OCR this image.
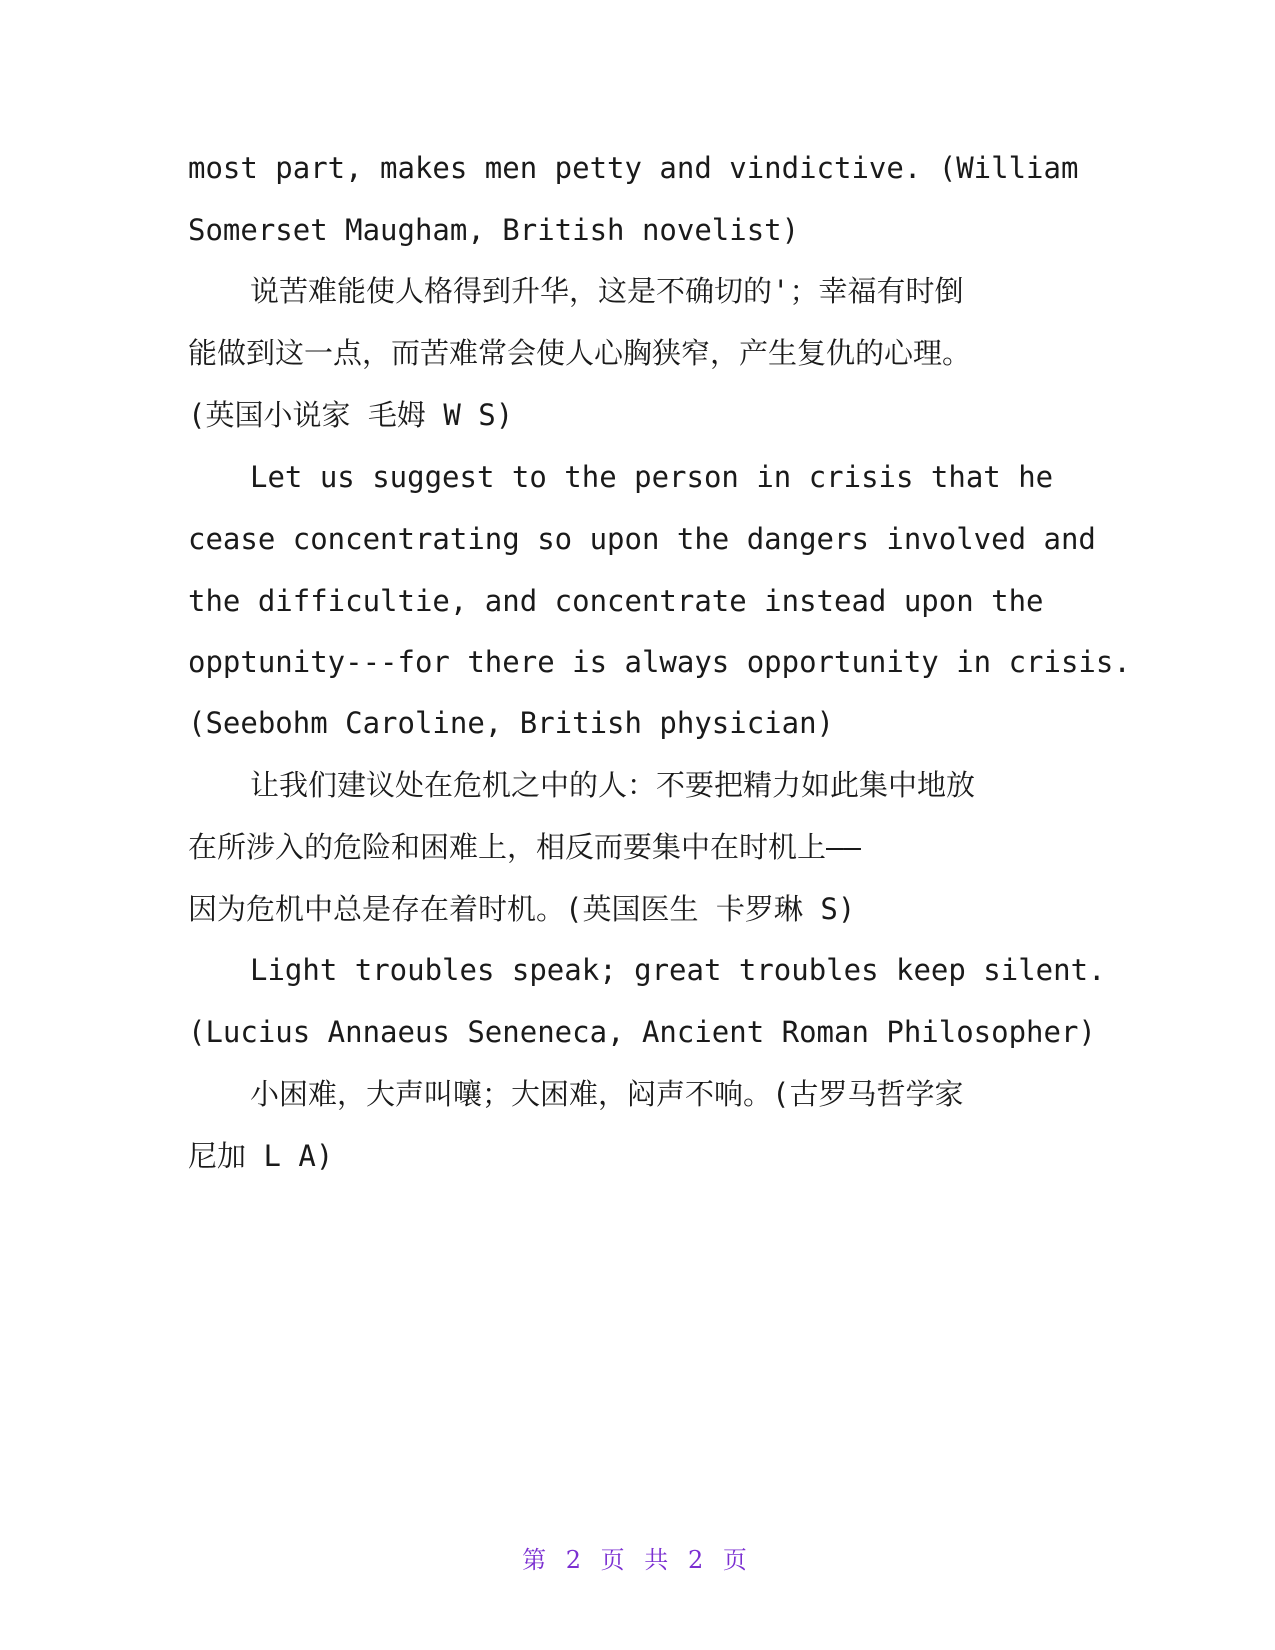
most part, makes men petty and vindictive. (William
Somerset Maugham, British novelist)
说苦难能使人格得到升华，这是不确切的'；幸福有时倒
能做到这一点，而苦难常会使人心胸狭窄，产生复仇的心理。
(英国小说家 毛姆 W S)
Let us suggest to the person in crisis that he
cease concentrating so upon the dangers involved and
the difficultie, and concentrate instead upon the
opptunity---for there is always opportunity in crisis.
(Seebohm Caroline, British physician)
让我们建议处在危机之中的人：不要把精力如此集中地放
在所涉入的危险和困难上，相反而要集中在时机上——
因为危机中总是存在着时机。(英国医生 卡罗琳 S)
Light troubles speak; great troubles keep silent.
(Lucius Annaeus Seneneca, Ancient Roman Philosopher)
小困难，大声叫嚷；大困难，闷声不响。(古罗马哲学家
尼加 L A)
第 2 页 共 2 页
